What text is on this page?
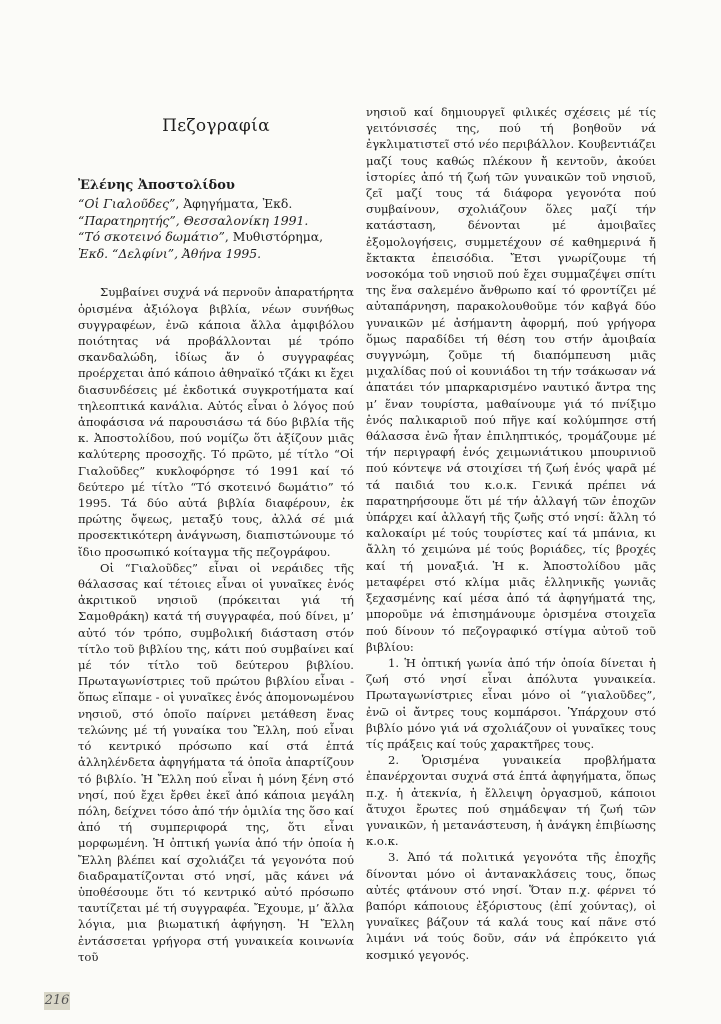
Πεζογραφία
Ἐλένης Ἀποστολίδου

“Οἱ Γιαλοῦδες”, Ἀφηγήματα, Ἐκδ.

“Παρατηρητής”, Θεσσαλονίκη 1991.

“Τό σκοτεινό δωμάτιο”, Μυθιστόρημα,

Ἐκδ. “Δελφίνι”, Ἀθήνα 1995.

Συμβαίνει συχνά νά περνοῦν ἀπαρατήρητα ὁρισμένα ἀξιόλογα βιβλία, νέων συνήθως συγγραφέων, ἐνῶ κάποια ἄλλα ἀμφιβόλου ποιότητας νά προβάλλονται μέ τρόπο σκανδαλώδη, ἰδίως ἄν ὁ συγγραφέας προέρχεται ἀπό κάποιο ἀθηναϊκό τζάκι κι ἔχει διασυνδέσεις μέ ἐκδοτικά συγκροτήματα καί τηλεοπτικά κανάλια. Αὐτός εἶναι ὁ λόγος πού ἀποφάσισα νά παρουσιάσω τά δύο βιβλία τῆς κ. Ἀποστολίδου, πού νομίζω ὅτι ἀξίζουν μιᾶς καλύτερης προσοχῆς. Τό πρῶτο, μέ τίτλο “Οἱ Γιαλοῦδες” κυκλοφόρησε τό 1991 καί τό δεύτερο μέ τίτλο “Τό σκοτεινό δωμάτιο” τό 1995. Τά δύο αὐτά βιβλία διαφέρουν, ἐκ πρώτης ὄψεως, μεταξύ τους, ἀλλά σέ μιά προσεκτικότερη ἀνάγνωση, διαπιστώνουμε τό ἴδιο προσωπικό κοίταγμα τῆς πεζογράφου.

Οἱ “Γιαλοῦδες” εἶναι οἱ νεράιδες τῆς θάλασσας καί τέτοιες εἶναι οἱ γυναῖκες ἑνός ἀκριτικοῦ νησιοῦ (πρόκειται γιά τή Σαμοθράκη) κατά τή συγγραφέα, πού δίνει, μ’ αὐτό τόν τρόπο, συμβολική διάσταση στόν τίτλο τοῦ βιβλίου της, κάτι πού συμβαίνει καί μέ τόν τίτλο τοῦ δεύτερου βιβλίου. Πρωταγωνίστριες τοῦ πρώτου βιβλίου εἶναι - ὅπως εἴπαμε - οἱ γυναῖκες ἑνός ἀπομονωμένου νησιοῦ, στό ὁποῖο παίρνει μετάθεση ἕνας τελώνης μέ τή γυναίκα του Ἔλλη, πού εἶναι τό κεντρικό πρόσωπο καί στά ἑπτά ἀλληλένδετα ἀφηγήματα τά ὁποῖα ἀπαρτίζουν τό βιβλίο. Ἡ Ἔλλη πού εἶναι ἡ μόνη ξένη στό νησί, πού ἔχει ἔρθει ἐκεῖ ἀπό κάποια μεγάλη πόλη, δείχνει τόσο ἀπό τήν ὁμιλία της ὅσο καί ἀπό τή συμπεριφορά της, ὅτι εἶναι μορφωμένη. Ἡ ὀπτική γωνία ἀπό τήν ὁποία ἡ Ἔλλη βλέπει καί σχολιάζει τά γεγονότα πού διαδραματίζονται στό νησί, μᾶς κάνει νά ὑποθέσουμε ὅτι τό κεντρικό αὐτό πρόσωπο ταυτίζεται μέ τή συγγραφέα. Ἔχουμε, μ’ ἄλλα λόγια, μια βιωματική ἀφήγηση. Ἡ Ἔλλη ἐντάσσεται γρήγορα στή γυναικεία κοινωνία τοῦ

νησιοῦ καί δημιουργεῖ φιλικές σχέσεις μέ τίς γειτόνισσές της, πού τή βοηθοῦν νά ἐγκλιματιστεῖ στό νέο περιβάλλον. Κουβεντιάζει μαζί τους καθώς πλέκουν ἤ κεντοῦν, ἀκούει ἱστορίες ἀπό τή ζωή τῶν γυναικῶν τοῦ νησιοῦ, ζεῖ μαζί τους τά διάφορα γεγονότα πού συμβαίνουν, σχολιάζουν ὅλες μαζί τήν κατάσταση, δένονται μέ ἀμοιβαῖες ἐξομολογήσεις, συμμετέχουν σέ καθημερινά ἤ ἔκτακτα ἐπεισόδια. Ἔτσι γνωρίζουμε τή νοσοκόμα τοῦ νησιοῦ πού ἔχει συμμαζέψει σπίτι της ἕνα σαλεμένο ἄνθρωπο καί τό φροντίζει μέ αὐταπάρνηση, παρακολουθοῦμε τόν καβγά δύο γυναικῶν μέ ἀσήμαντη ἀφορμή, πού γρήγορα ὅμως παραδίδει τή θέση του στήν ἀμοιβαία συγγνώμη, ζοῦμε τή διαπόμπευση μιᾶς μιχαλίδας πού οἱ κουνιάδοι τη τήν τσάκωσαν νά ἀπατάει τόν μπαρκαρισμένο ναυτικό ἄντρα της μ’ ἕναν τουρίστα, μαθαίνουμε γιά τό πνίξιμο ἑνός παλικαριοῦ πού πῆγε καί κολύμπησε στή θάλασσα ἐνῶ ἦταν ἐπιληπτικός, τρομάζουμε μέ τήν περιγραφή ἑνός χειμωνιάτικου μπουρινιοῦ πού κόντεψε νά στοιχίσει τή ζωή ἑνός ψαρᾶ μέ τά παιδιά του κ.ο.κ. Γενικά πρέπει νά παρατηρήσουμε ὅτι μέ τήν ἀλλαγή τῶν ἐποχῶν ὑπάρχει καί ἀλλαγή τῆς ζωῆς στό νησί: ἄλλη τό καλοκαίρι μέ τούς τουρίστες καί τά μπάνια, κι ἄλλη τό χειμώνα μέ τούς βοριάδες, τίς βροχές καί τή μοναξιά. Ἡ κ. Ἀποστολίδου μᾶς μεταφέρει στό κλίμα μιᾶς ἑλληνικῆς γωνιᾶς ξεχασμένης καί μέσα ἀπό τά ἀφηγήματά της, μποροῦμε νά ἐπισημάνουμε ὁρισμένα στοιχεῖα πού δίνουν τό πεζογραφικό στίγμα αὐτοῦ τοῦ βιβλίου:

1. Ἡ ὀπτική γωνία ἀπό τήν ὁποία δίνεται ἡ ζωή στό νησί εἶναι ἀπόλυτα γυναικεία. Πρωταγωνίστριες εἶναι μόνο οἱ “γιαλοῦδες”, ἐνῶ οἱ ἄντρες τους κομπάρσοι. Ὑπάρχουν στό βιβλίο μόνο γιά νά σχολιάζουν οἱ γυναῖκες τους τίς πράξεις καί τούς χαρακτῆρες τους.

2. Ὁρισμένα γυναικεία προβλήματα ἐπανέρχονται συχνά στά ἑπτά ἀφηγήματα, ὅπως π.χ. ἡ ἀτεκνία, ἡ ἔλλειψη ὀργασμοῦ, κάποιοι ἄτυχοι ἔρωτες πού σημάδεψαν τή ζωή τῶν γυναικῶν, ἡ μετανάστευση, ἡ ἀνάγκη ἐπιβίωσης κ.ο.κ.

3. Ἀπό τά πολιτικά γεγονότα τῆς ἐποχῆς δίνονται μόνο οἱ ἀντανακλάσεις τους, ὅπως αὐτές φτάνουν στό νησί. Ὅταν π.χ. φέρνει τό βαπόρι κάποιους ἐξόριστους (ἐπί χούντας), οἱ γυναῖκες βάζουν τά καλά τους καί πᾶνε στό λιμάνι νά τούς δοῦν, σάν νά ἐπρόκειτο γιά κοσμικό γεγονός.

216
